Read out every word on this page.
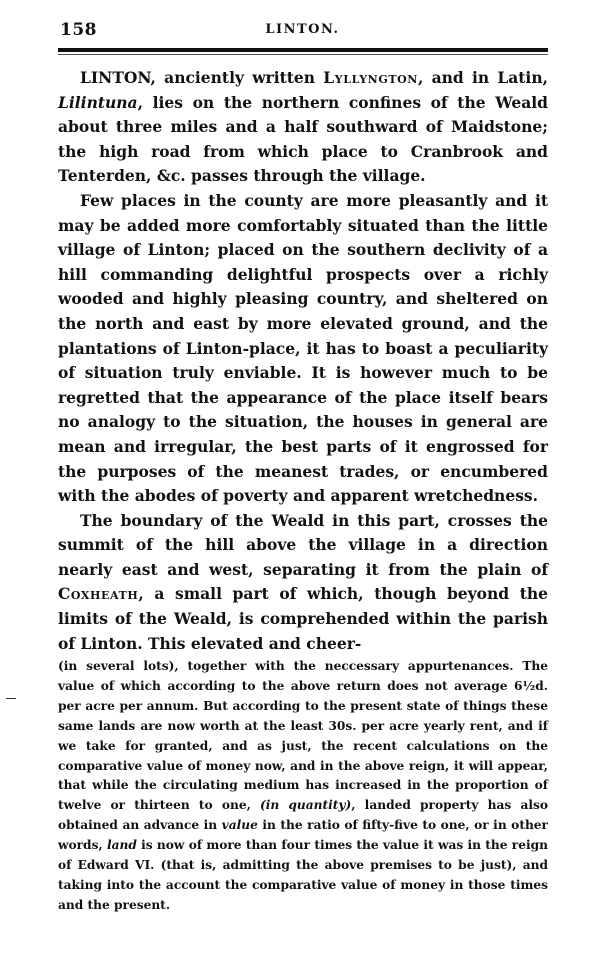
158	LINTON.

LINTON, anciently written Lyllyngton, and in Latin, Lilintuna, lies on the northern confines of the Weald about three miles and a half southward of Maidstone; the high road from which place to Cranbrook and Tenterden, &c. passes through the village.

Few places in the county are more pleasantly and it may be added more comfortably situated than the little village of Linton; placed on the southern declivity of a hill commanding delightful prospects over a richly wooded and highly pleasing country, and sheltered on the north and east by more elevated ground, and the plantations of Linton-place, it has to boast a peculiarity of situation truly enviable. It is however much to be regretted that the appearance of the place itself bears no analogy to the situation, the houses in general are mean and irregular, the best parts of it engrossed for the purposes of the meanest trades, or encumbered with the abodes of poverty and apparent wretchedness.

The boundary of the Weald in this part, crosses the summit of the hill above the village in a direction nearly east and west, separating it from the plain of Coxheath, a small part of which, though beyond the limits of the Weald, is comprehended within the parish of Linton. This elevated and cheer-

(in several lots), together with the neccessary appurtenances. The value of which according to the above return does not average 6½d. per acre per annum. But according to the present state of things these same lands are now worth at the least 30s. per acre yearly rent, and if we take for granted, and as just, the recent calculations on the comparative value of money now, and in the above reign, it will appear, that while the circulating medium has increased in the proportion of twelve or thirteen to one, (in quantity), landed property has also obtained an advance in value in the ratio of fifty-five to one, or in other words, land is now of more than four times the value it was in the reign of Edward VI. (that is, admitting the above premises to be just), and taking into the account the comparative value of money in those times and the present.
